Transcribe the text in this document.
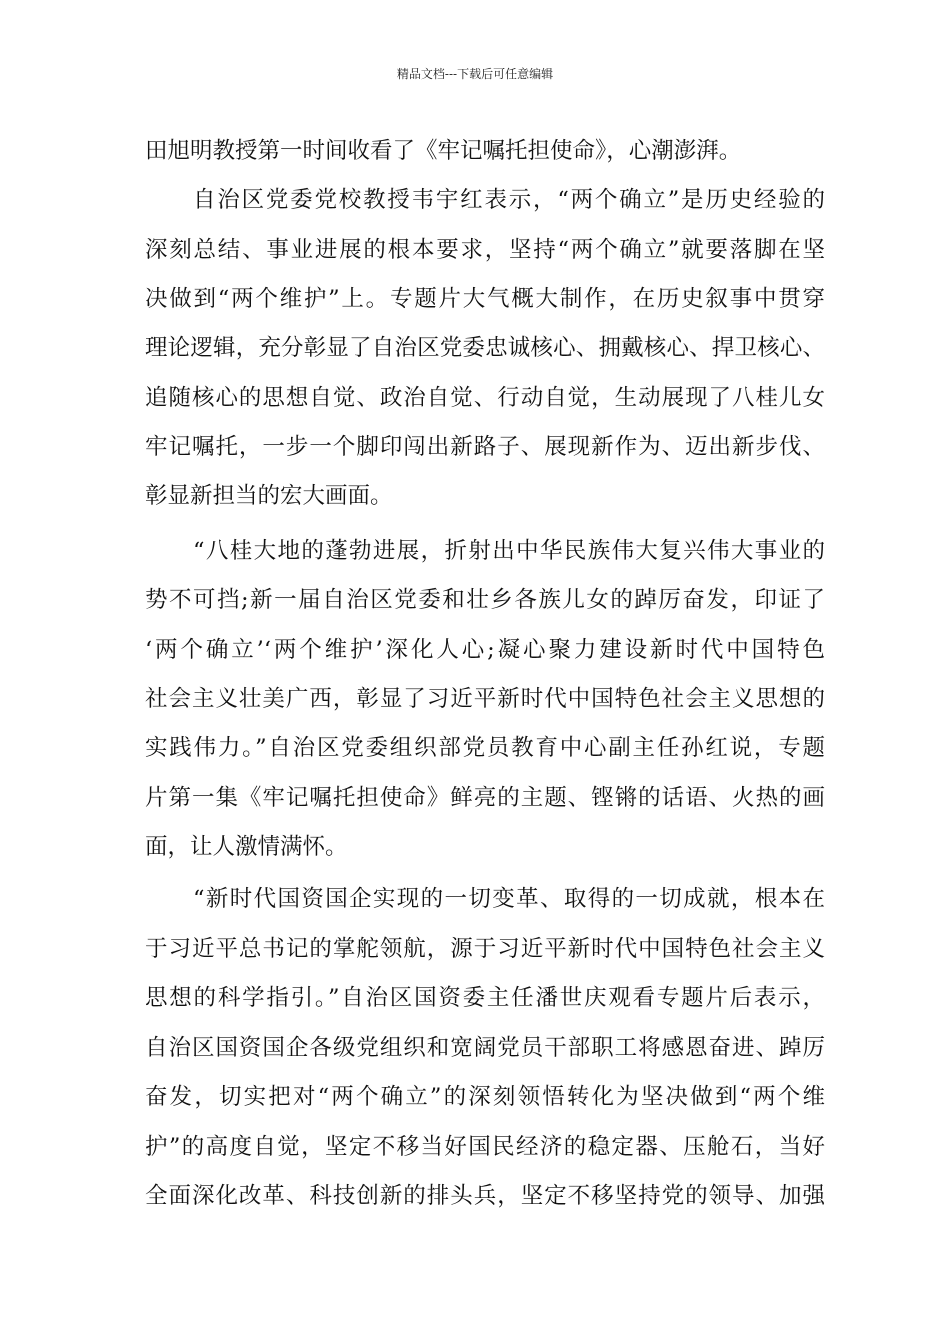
精品文档---下载后可任意编辑
田旭明教授第一时间收看了《牢记嘱托担使命》，心潮澎湃。
自治区党委党校教授韦宇红表示，“两个确立”是历史经验的
深刻总结、事业进展的根本要求，坚持“两个确立”就要落脚在坚
决做到“两个维护”上。专题片大气概大制作，在历史叙事中贯穿
理论逻辑，充分彰显了自治区党委忠诚核心、拥戴核心、捍卫核心、
追随核心的思想自觉、政治自觉、行动自觉，生动展现了八桂儿女
牢记嘱托，一步一个脚印闯出新路子、展现新作为、迈出新步伐、
彰显新担当的宏大画面。
“八桂大地的蓬勃进展，折射出中华民族伟大复兴伟大事业的
势不可挡;新一届自治区党委和壮乡各族儿女的踔厉奋发，印证了
‘两个确立’‘两个维护’深化人心;凝心聚力建设新时代中国特色
社会主义壮美广西，彰显了习近平新时代中国特色社会主义思想的
实践伟力。”自治区党委组织部党员教育中心副主任孙红说，专题
片第一集《牢记嘱托担使命》鲜亮的主题、铿锵的话语、火热的画
面，让人激情满怀。
“新时代国资国企实现的一切变革、取得的一切成就，根本在
于习近平总书记的掌舵领航，源于习近平新时代中国特色社会主义
思想的科学指引。”自治区国资委主任潘世庆观看专题片后表示，
自治区国资国企各级党组织和宽阔党员干部职工将感恩奋进、踔厉
奋发，切实把对“两个确立”的深刻领悟转化为坚决做到“两个维
护”的高度自觉，坚定不移当好国民经济的稳定器、压舱石，当好
全面深化改革、科技创新的排头兵，坚定不移坚持党的领导、加强
